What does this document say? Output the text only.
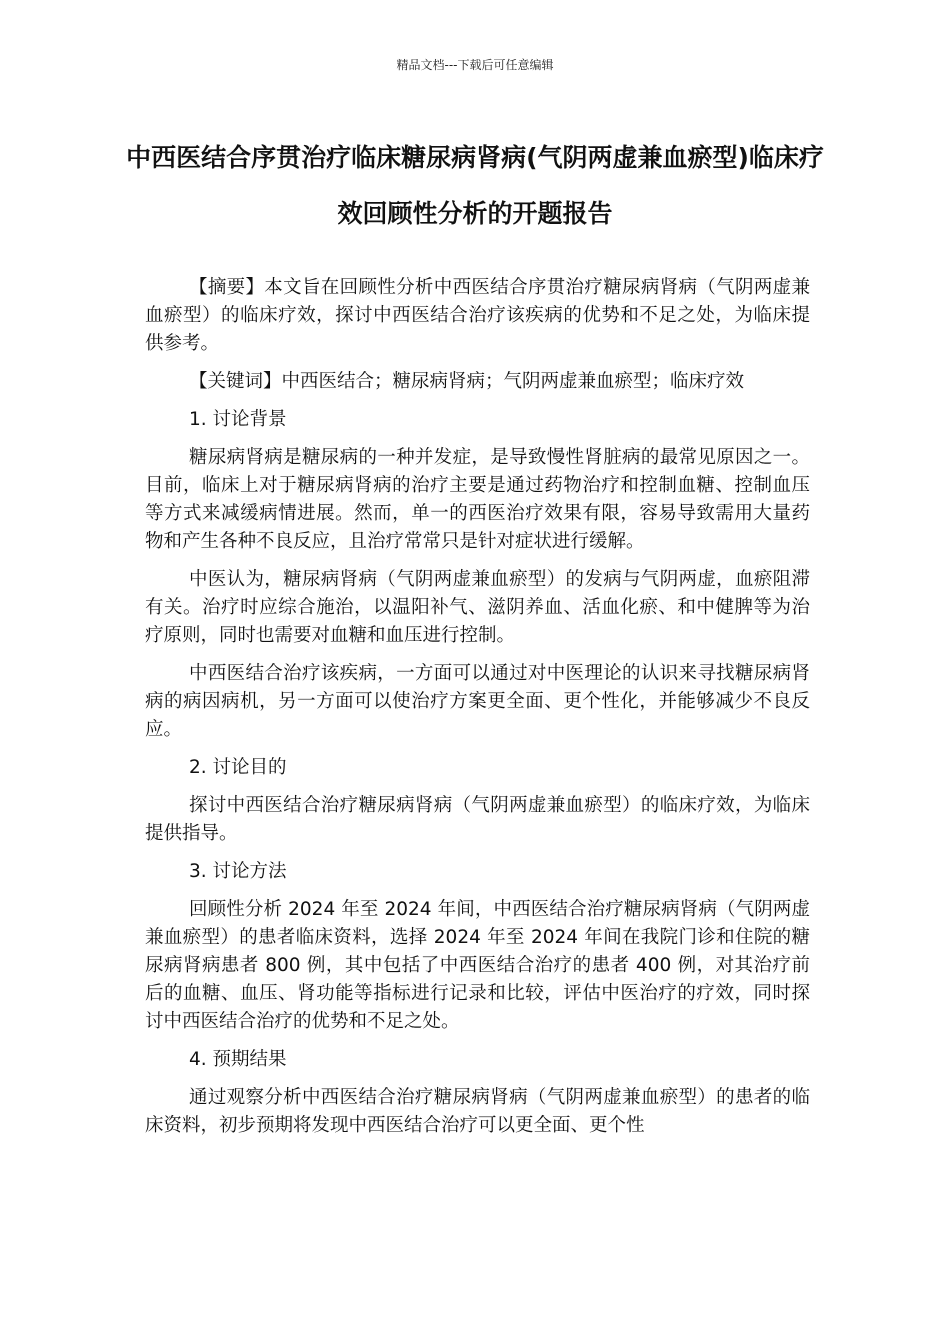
精品文档---下载后可任意编辑
中西医结合序贯治疗临床糖尿病肾病(气阴两虚兼血瘀型)临床疗效回顾性分析的开题报告

【摘要】本文旨在回顾性分析中西医结合序贯治疗糖尿病肾病（气阴两虚兼血瘀型）的临床疗效，探讨中西医结合治疗该疾病的优势和不足之处，为临床提供参考。

【关键词】中西医结合；糖尿病肾病；气阴两虚兼血瘀型；临床疗效

1. 讨论背景

糖尿病肾病是糖尿病的一种并发症，是导致慢性肾脏病的最常见原因之一。目前，临床上对于糖尿病肾病的治疗主要是通过药物治疗和控制血糖、控制血压等方式来减缓病情进展。然而，单一的西医治疗效果有限，容易导致需用大量药物和产生各种不良反应，且治疗常常只是针对症状进行缓解。

中医认为，糖尿病肾病（气阴两虚兼血瘀型）的发病与气阴两虚，血瘀阻滞有关。治疗时应综合施治，以温阳补气、滋阴养血、活血化瘀、和中健脾等为治疗原则，同时也需要对血糖和血压进行控制。

中西医结合治疗该疾病，一方面可以通过对中医理论的认识来寻找糖尿病肾病的病因病机，另一方面可以使治疗方案更全面、更个性化，并能够减少不良反应。

2. 讨论目的

探讨中西医结合治疗糖尿病肾病（气阴两虚兼血瘀型）的临床疗效，为临床提供指导。

3. 讨论方法

回顾性分析 2024 年至 2024 年间，中西医结合治疗糖尿病肾病（气阴两虚兼血瘀型）的患者临床资料，选择 2024 年至 2024 年间在我院门诊和住院的糖尿病肾病患者 800 例，其中包括了中西医结合治疗的患者 400 例，对其治疗前后的血糖、血压、肾功能等指标进行记录和比较，评估中医治疗的疗效，同时探讨中西医结合治疗的优势和不足之处。

4. 预期结果

通过观察分析中西医结合治疗糖尿病肾病（气阴两虚兼血瘀型）的患者的临床资料，初步预期将发现中西医结合治疗可以更全面、更个性
